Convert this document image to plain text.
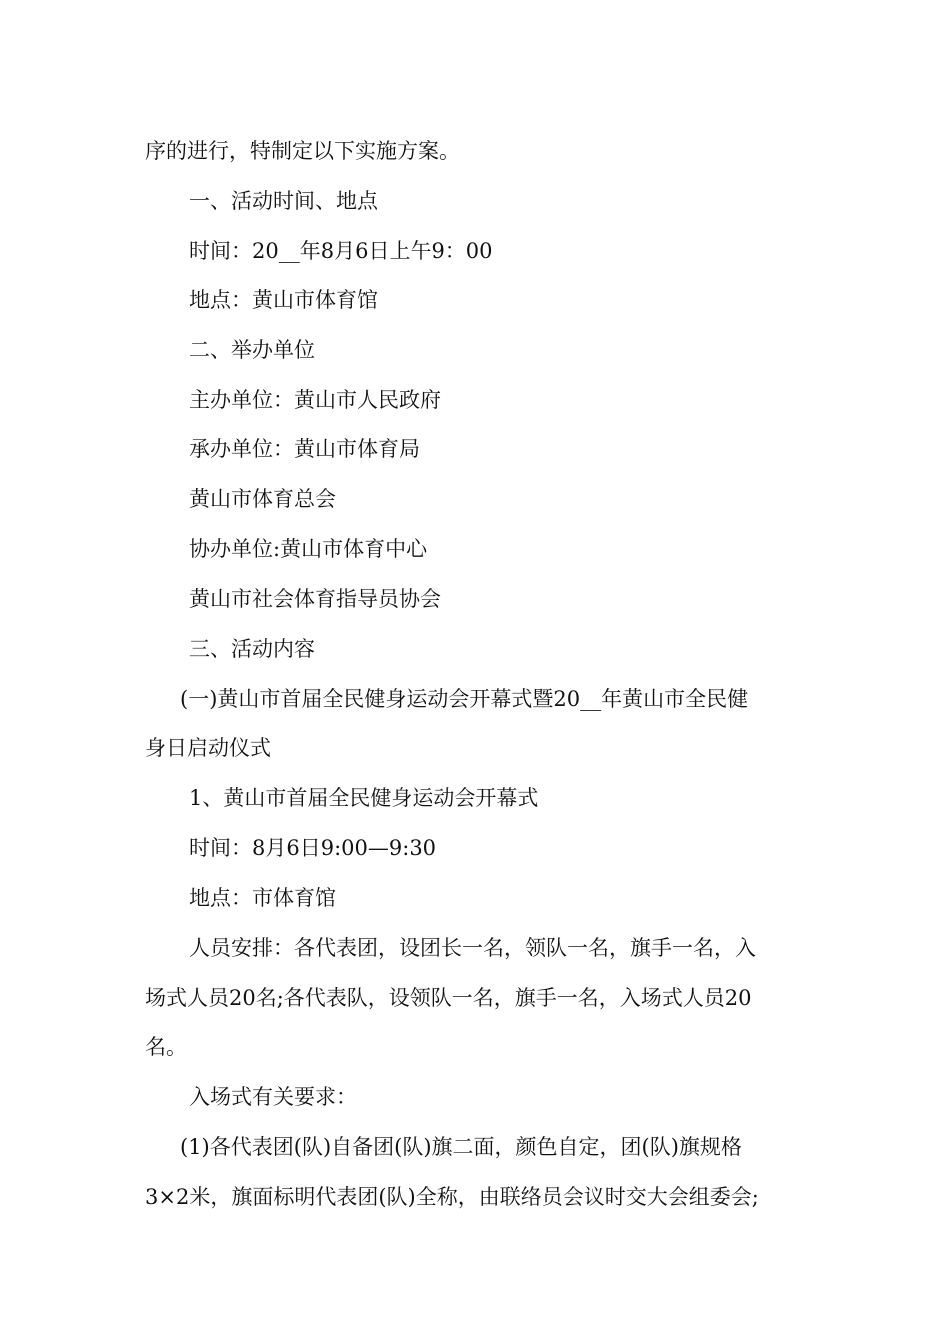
序的进行，特制定以下实施方案。
一、活动时间、地点
时间：20__年8月6日上午9：00
地点：黄山市体育馆
二、举办单位
主办单位：黄山市人民政府
承办单位：黄山市体育局
黄山市体育总会
协办单位:黄山市体育中心
黄山市社会体育指导员协会
三、活动内容
(一)黄山市首届全民健身运动会开幕式暨20__年黄山市全民健
身日启动仪式
1、黄山市首届全民健身运动会开幕式
时间：8月6日9:00—9:30
地点：市体育馆
人员安排：各代表团，设团长一名，领队一名，旗手一名，入
场式人员20名;各代表队，设领队一名，旗手一名，入场式人员20
名。
入场式有关要求：
(1)各代表团(队)自备团(队)旗二面，颜色自定，团(队)旗规格
3×2米，旗面标明代表团(队)全称，由联络员会议时交大会组委会;
